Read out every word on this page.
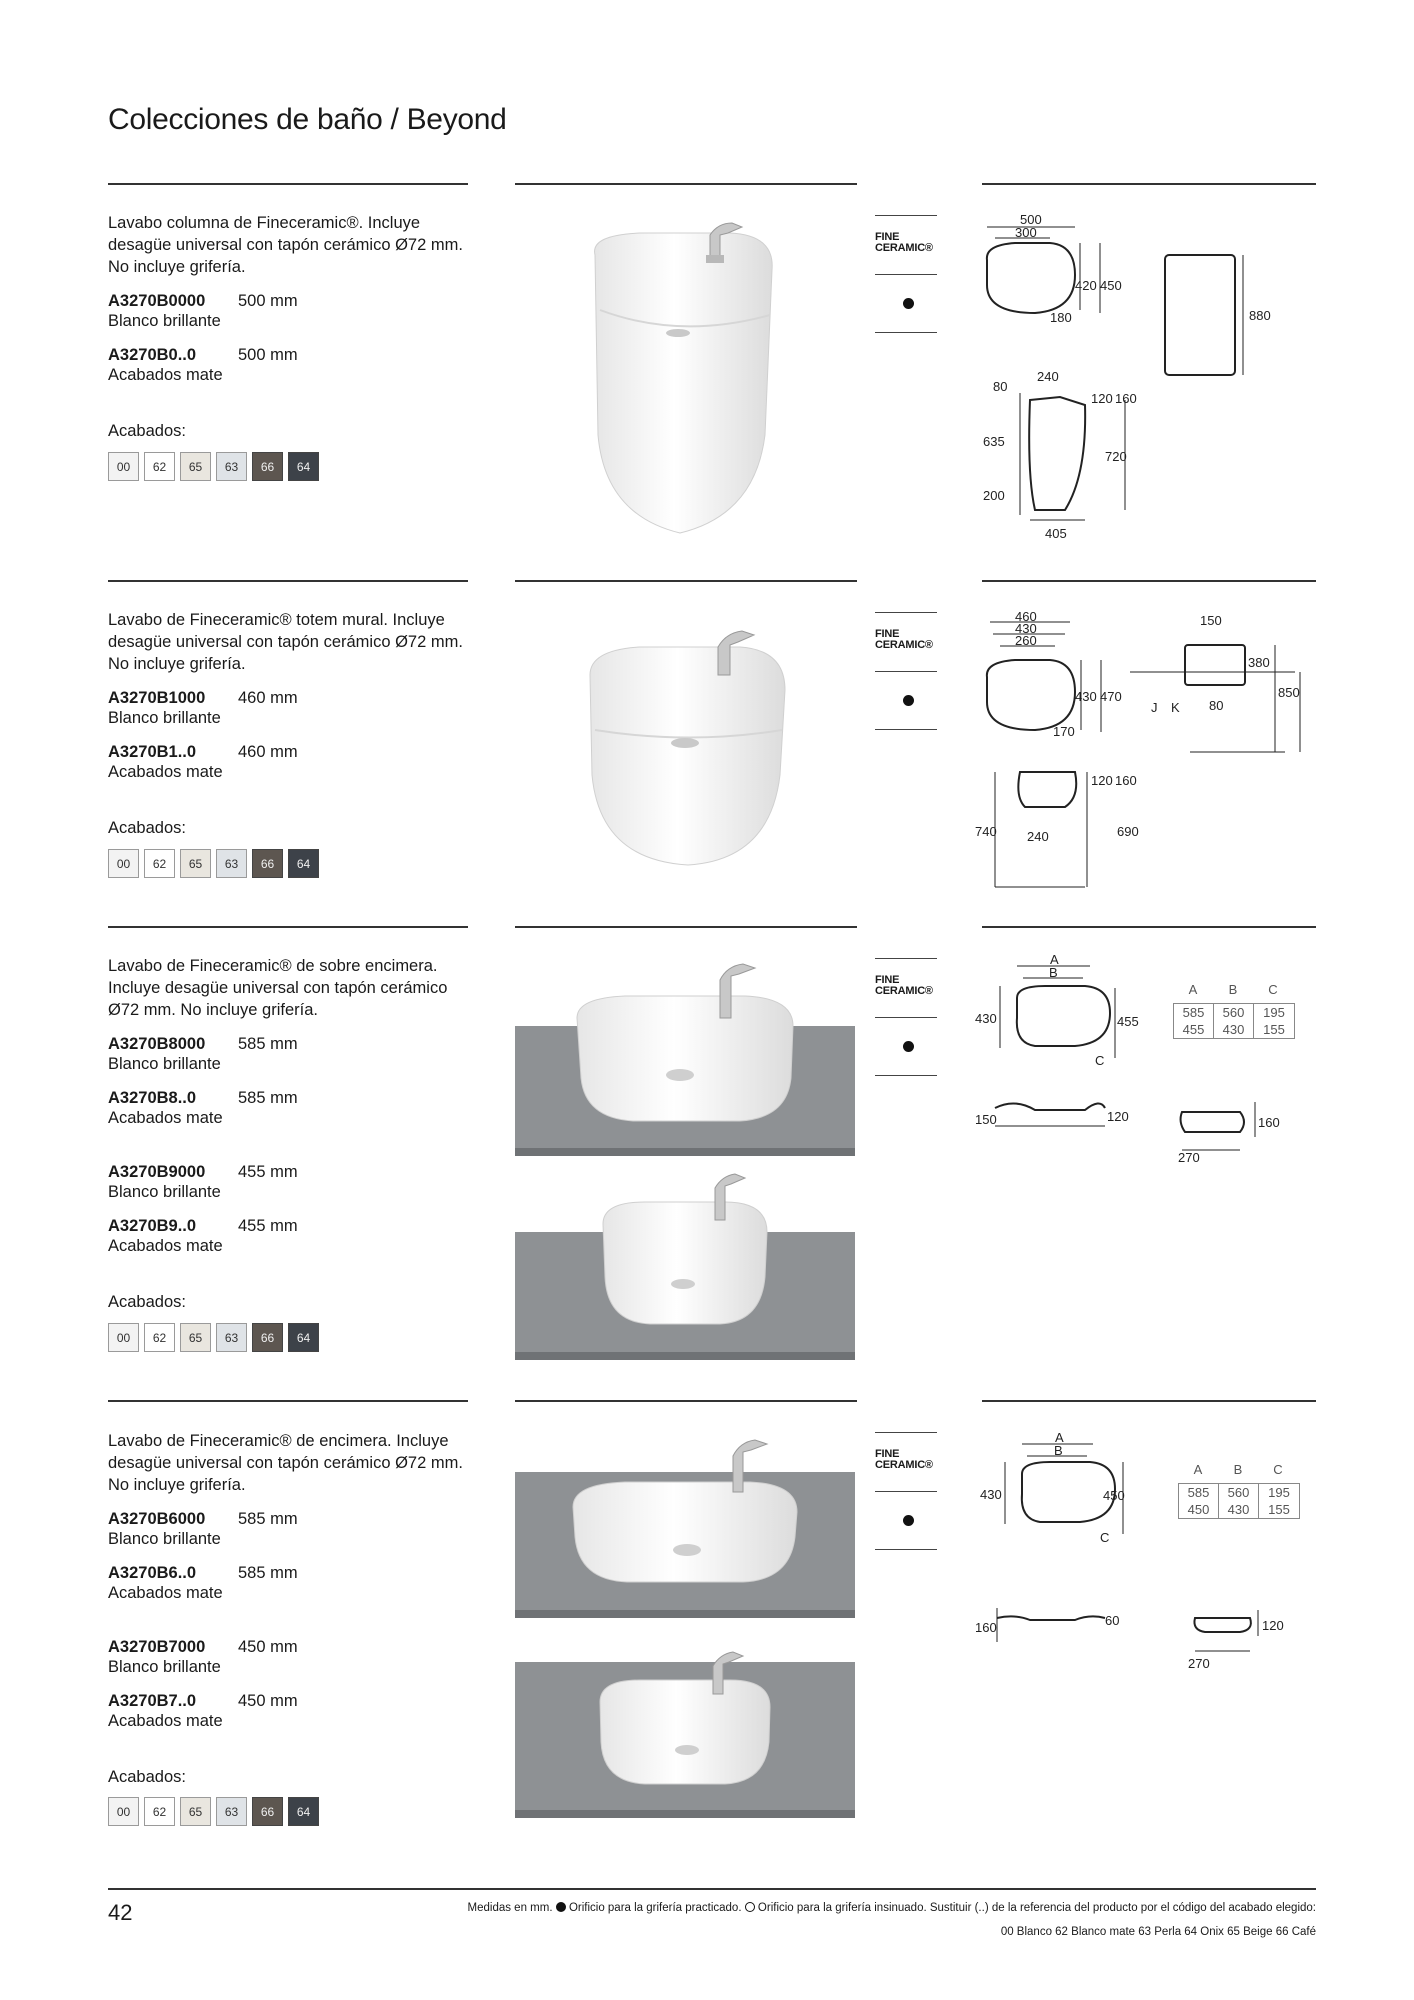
Colecciones de baño / Beyond

Lavabo columna de Fineceramic®. Incluye desagüe universal con tapón cerámico Ø72 mm. No incluye grifería.

A3270B0000 500 mm
Blanco brillante
A3270B0..0	500 mm
Acabados mate
Acabados:
00	62	65	63	66	64
FINE
CERAMIC®
500
300
420 450
180	880
240
80
120 160
635
720
200
405

Lavabo de Fineceramic® totem mural. Incluye desagüe universal con tapón cerámico Ø72 mm. No incluye grifería.

A3270B1000 460 mm
Blanco brillante
A3270B1..0	460 mm
Acabados mate
Acabados:
00	62	65	63	66	64
FINE
CERAMIC®
460
430
260
430 470
170
150
380
850
J K 80
120 160
740 240	690

Lavabo de Fineceramic® de sobre encimera. Incluye desagüe universal con tapón cerámico Ø72 mm. No incluye grifería.

A3270B8000 585 mm
Blanco brillante
A3270B8..0	585 mm
Acabados mate
A3270B9000 455 mm
Blanco brillante
A3270B9..0	455 mm
Acabados mate
Acabados:
00	62	65	63	66	64
FINE
CERAMIC®
A
B
430	455
C
150	120
A	B	C
585	560	195
455	430	155
160
270

Lavabo de Fineceramic® de encimera. Incluye desagüe universal con tapón cerámico Ø72 mm. No incluye grifería.

A3270B6000 585 mm
Blanco brillante
A3270B6..0	585 mm
Acabados mate
A3270B7000 450 mm
Blanco brillante
A3270B7..0	450 mm
Acabados mate
Acabados:
00	62	65	63	66	64
FINE
CERAMIC®
A
B
430	450
C
160	60
A	B	C
585	560	195
450	430	155
120
270
42	Medidas en mm. Orificio para la grifería practicado. Orificio para la grifería insinuado. Sustituir (..) de la referencia del producto por el código del acabado elegido:
00 Blanco 62 Blanco mate 63 Perla 64 Onix 65 Beige 66 Café
